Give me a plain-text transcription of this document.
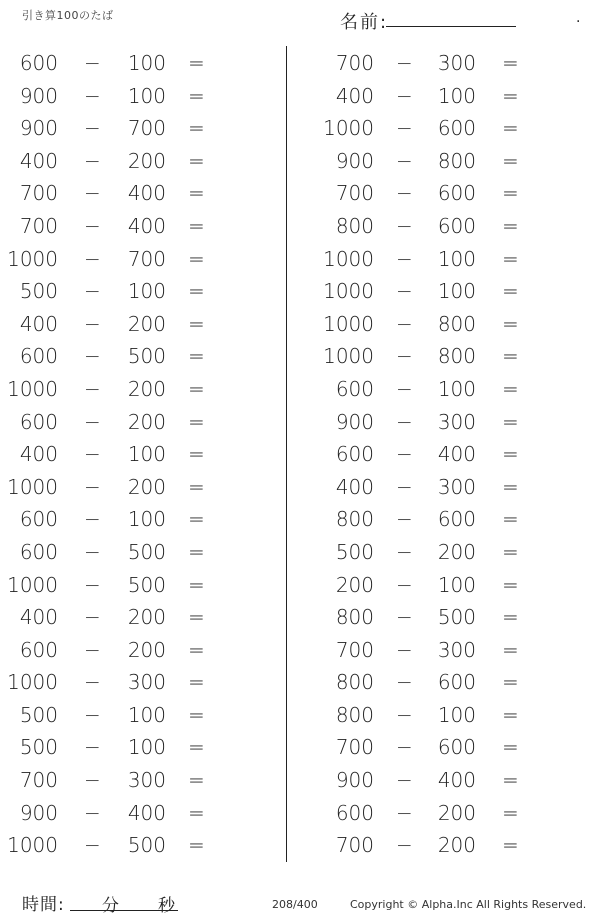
引き算100のたば	名前:	.
600 −	100 =
900 −	100 =
900 −	700 =
400 −	200 =
700 −	400 =
700 −	400 =
1000 −	700 =
500 −	100 =
400 −	200 =
600 −	500 =
1000 −	200 =
600 −	200 =
400 −	100 =
1000 −	200 =
600 −	100 =
600 −	500 =
1000 −	500 =
400 −	200 =
600 −	200 =
1000 −	300 =
500 −	100 =
500 −	100 =
700 −	300 =
900 −	400 =
1000 −	500 =
700 −	300 =
400 −	100 =
1000 −	600 =
900 −	800 =
700 −	600 =
800 −	600 =
1000 −	100 =
1000 −	100 =
1000 −	800 =
1000 −	800 =
600 −	100 =
900 −	300 =
600 −	400 =
400 −	300 =
800 −	600 =
500 −	200 =
200 −	100 =
800 −	500 =
700 −	300 =
800 −	600 =
800 −	100 =
700 −	600 =
900 −	400 =
600 −	200 =
700 −	200 =
時間: 分 秒	208/400	Copyright © Alpha.Inc All Rights Reserved.
